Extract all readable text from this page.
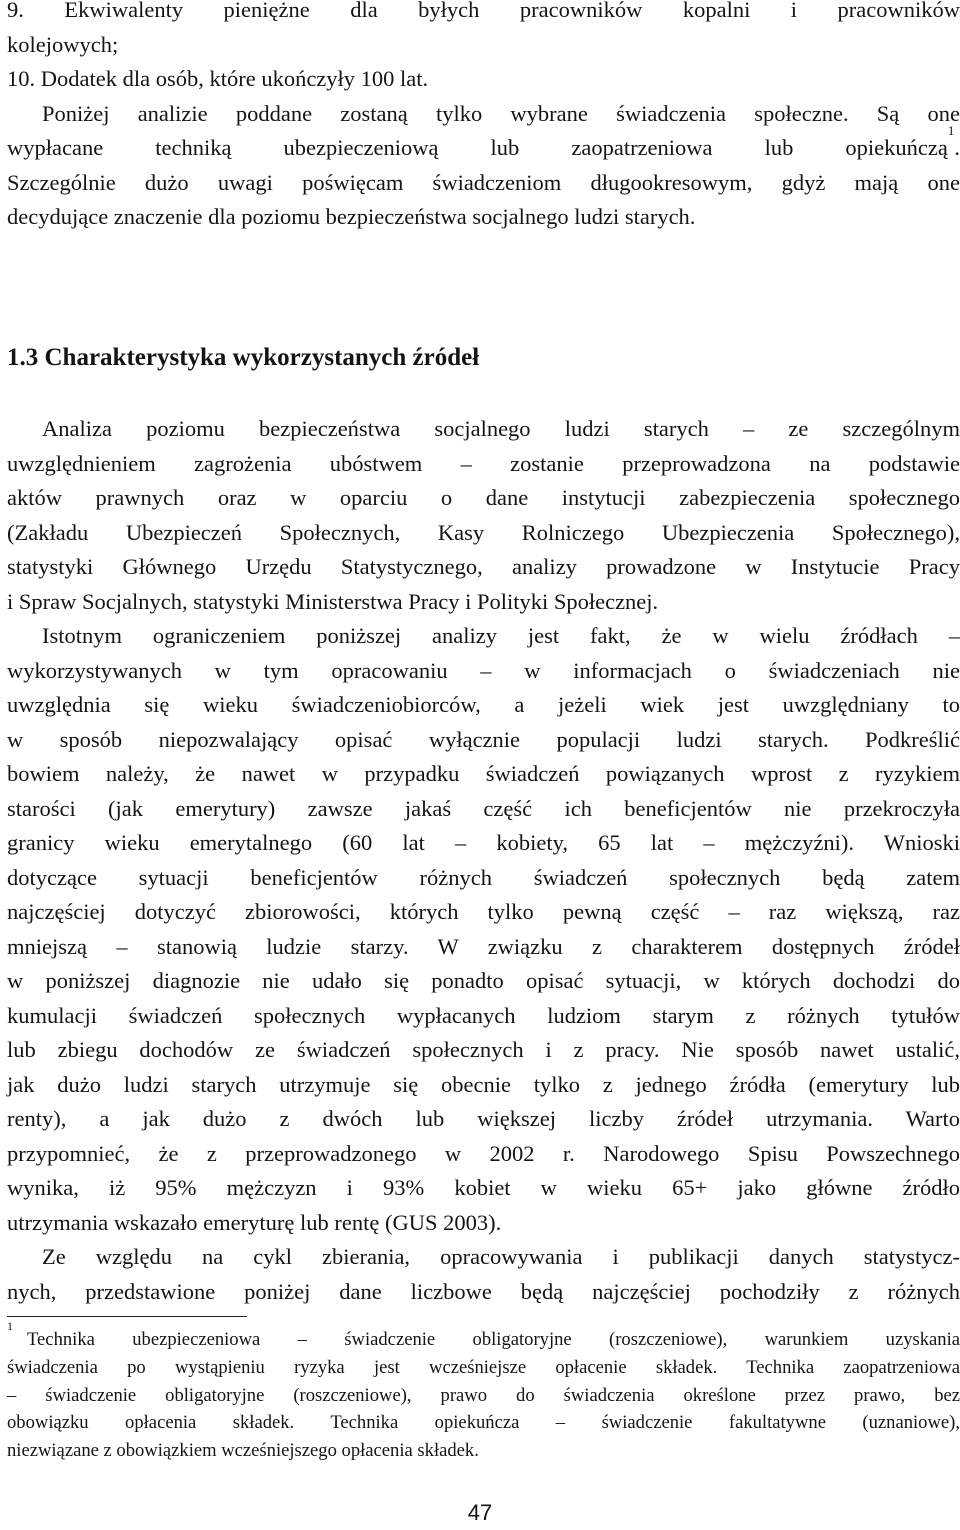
9. Ekwiwalenty pieniężne dla byłych pracowników kopalni i pracowników
kolejowych;
10. Dodatek dla osób, które ukończyły 100 lat.
Poniżej analizie poddane zostaną tylko wybrane świadczenia społeczne. Są one
wypłacane techniką ubezpieczeniową lub zaopatrzeniowa lub opiekuńczą
1
.
Szczególnie dużo uwagi poświęcam świadczeniom długookresowym, gdyż mają one
decydujące znaczenie dla poziomu bezpieczeństwa socjalnego ludzi starych.
1.3 Charakterystyka wykorzystanych źródeł
Analiza poziomu bezpieczeństwa socjalnego ludzi starych – ze szczególnym
uwzględnieniem zagrożenia ubóstwem – zostanie przeprowadzona na podstawie
aktów prawnych oraz w oparciu o dane instytucji zabezpieczenia społecznego
(Zakładu Ubezpieczeń Społecznych, Kasy Rolniczego Ubezpieczenia Społecznego),
statystyki Głównego Urzędu Statystycznego, analizy prowadzone w Instytucie Pracy
i Spraw Socjalnych, statystyki Ministerstwa Pracy i Polityki Społecznej.
Istotnym ograniczeniem poniższej analizy jest fakt, że w wielu źródłach –
wykorzystywanych w tym opracowaniu – w informacjach o świadczeniach nie
uwzględnia się wieku świadczeniobiorców, a jeżeli wiek jest uwzględniany to
w sposób niepozwalający opisać wyłącznie populacji ludzi starych. Podkreślić
bowiem należy, że nawet w przypadku świadczeń powiązanych wprost z ryzykiem
starości (jak emerytury) zawsze jakaś część ich beneficjentów nie przekroczyła
granicy wieku emerytalnego (60 lat – kobiety, 65 lat – mężczyźni). Wnioski
dotyczące sytuacji beneficjentów różnych świadczeń społecznych będą zatem
najczęściej dotyczyć zbiorowości, których tylko pewną część – raz większą, raz
mniejszą – stanowią ludzie starzy. W związku z charakterem dostępnych źródeł
w poniższej diagnozie nie udało się ponadto opisać sytuacji, w których dochodzi do
kumulacji świadczeń społecznych wypłacanych ludziom starym z różnych tytułów
lub zbiegu dochodów ze świadczeń społecznych i z pracy. Nie sposób nawet ustalić,
jak dużo ludzi starych utrzymuje się obecnie tylko z jednego źródła (emerytury lub
renty), a jak dużo z dwóch lub większej liczby źródeł utrzymania. Warto
przypomnieć, że z przeprowadzonego w 2002 r. Narodowego Spisu Powszechnego
wynika, iż 95% mężczyzn i 93% kobiet w wieku 65+ jako główne źródło
utrzymania wskazało emeryturę lub rentę (GUS 2003).
Ze względu na cykl zbierania, opracowywania i publikacji danych statystycz-
nych, przedstawione poniżej dane liczbowe będą najczęściej pochodziły z różnych
1
Technika ubezpieczeniowa – świadczenie obligatoryjne (roszczeniowe), warunkiem uzyskania
świadczenia po wystąpieniu ryzyka jest wcześniejsze opłacenie składek. Technika zaopatrzeniowa
– świadczenie obligatoryjne (roszczeniowe), prawo do świadczenia określone przez prawo, bez
obowiązku opłacenia składek. Technika opiekuńcza – świadczenie fakultatywne (uznaniowe),
niezwiązane z obowiązkiem wcześniejszego opłacenia składek.
47
